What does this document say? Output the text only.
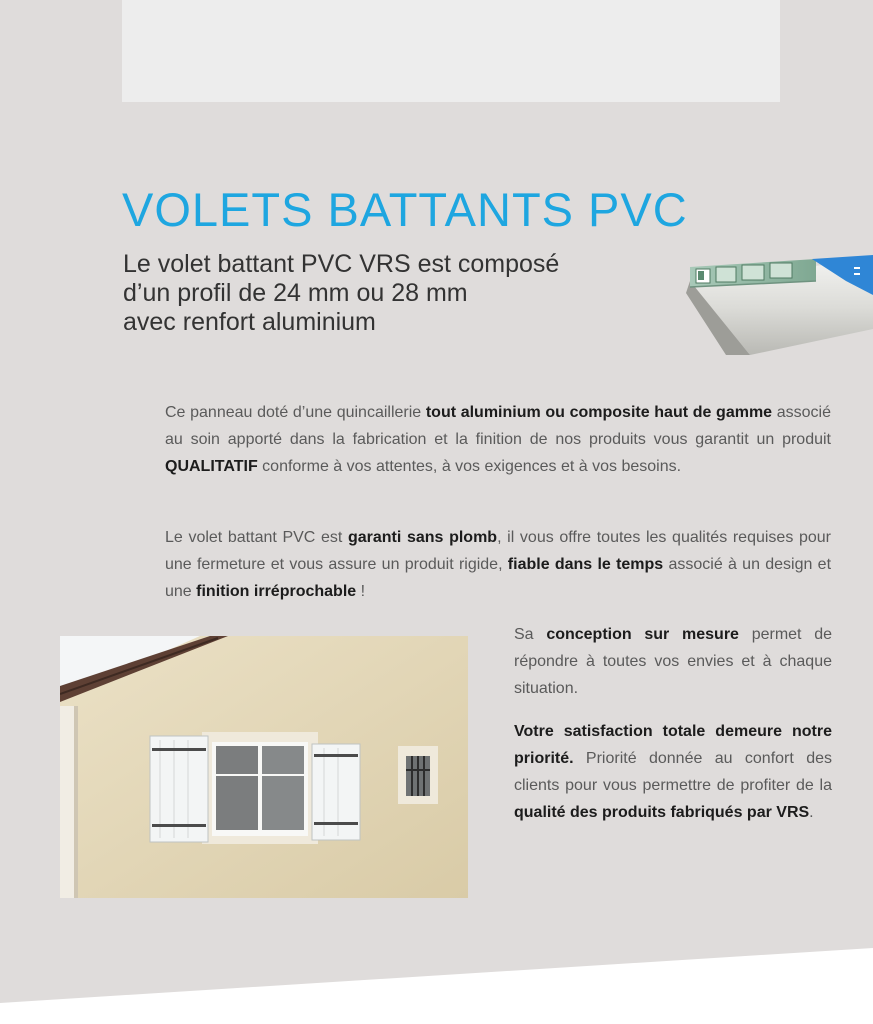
VOLETS BATTANTS PVC
Le volet battant PVC VRS est composé
d’un profil de 24 mm ou 28 mm
avec renfort aluminium

Ce panneau doté d’une quincaillerie tout aluminium ou composite haut de gamme associé au soin apporté dans la fabrication et la finition de nos produits vous garantit un produit QUALITATIF conforme à vos attentes, à vos exigences et à vos besoins.

Le volet battant PVC est garanti sans plomb, il vous offre toutes les qualités requises pour une fermeture et vous assure un produit rigide, fiable dans le temps associé à un design et une finition irréprochable !

Sa conception sur mesure permet de répondre à toutes vos envies et à chaque situation.

Votre satisfaction totale demeure notre priorité. Priorité donnée au confort des clients pour vous permettre de profiter de la qualité des produits fabriqués par VRS.
